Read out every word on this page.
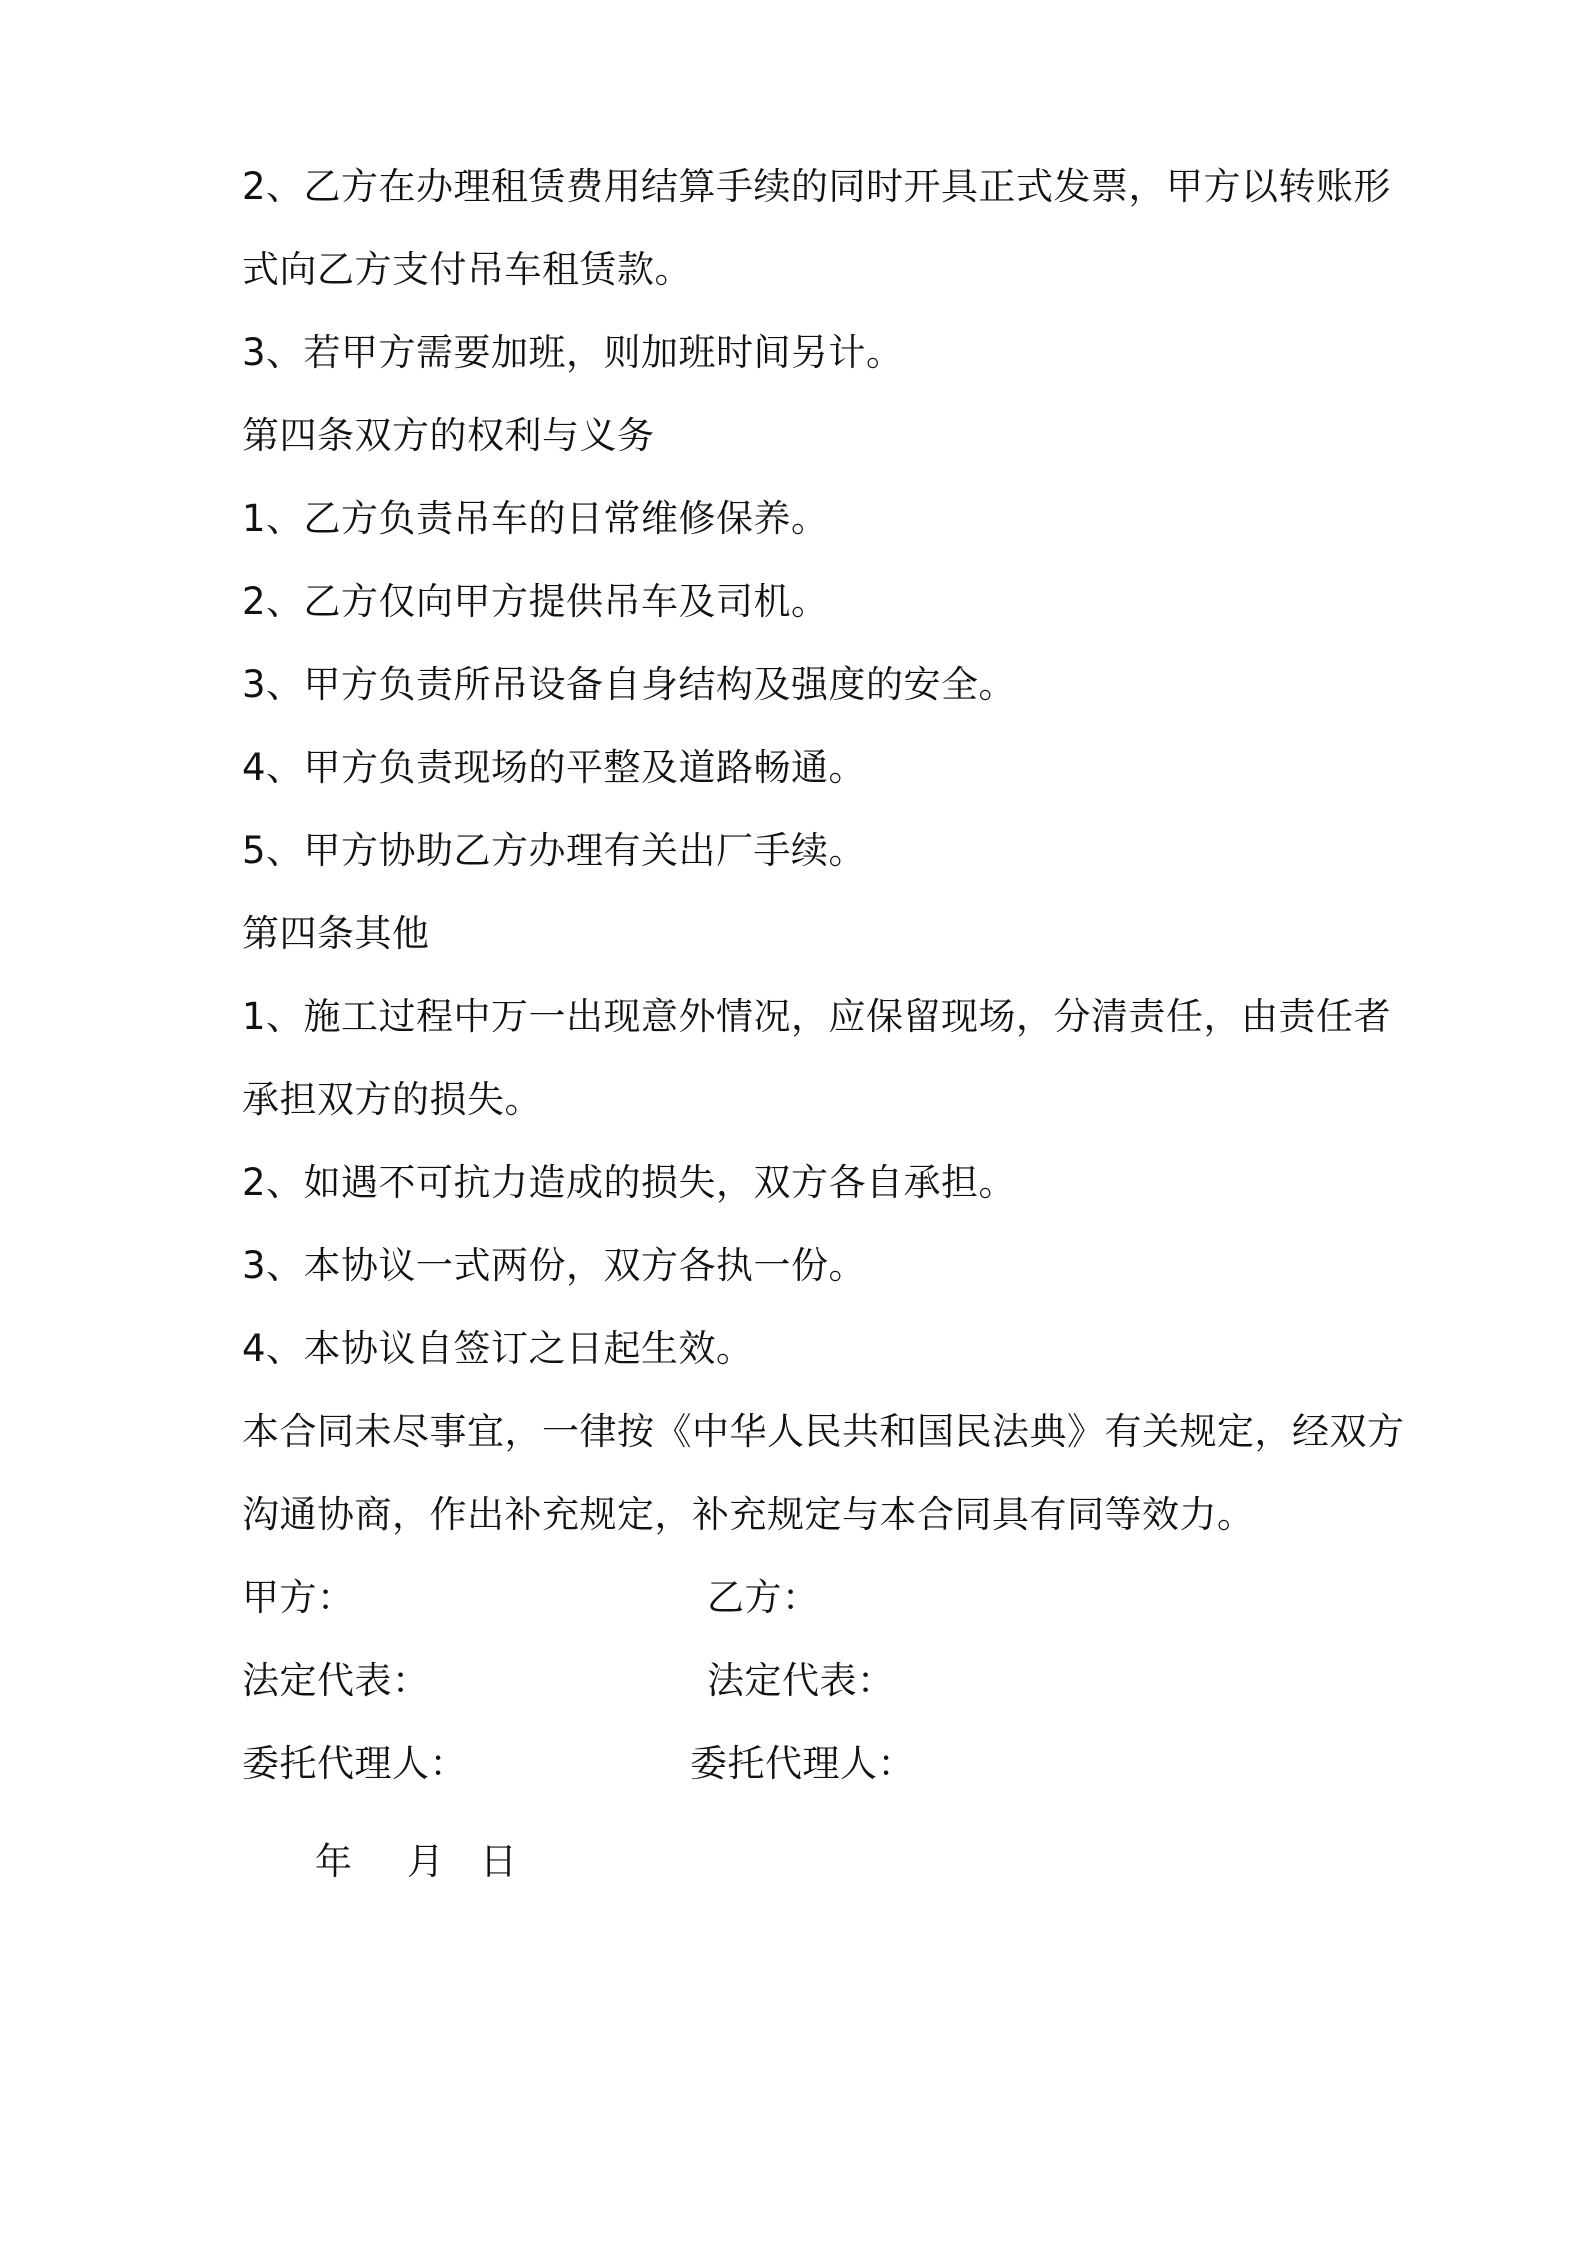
2、乙方在办理租赁费用结算手续的同时开具正式发票，甲方以转账形
式向乙方支付吊车租赁款。
3、若甲方需要加班，则加班时间另计。
第四条双方的权利与义务
1、乙方负责吊车的日常维修保养。
2、乙方仅向甲方提供吊车及司机。
3、甲方负责所吊设备自身结构及强度的安全。
4、甲方负责现场的平整及道路畅通。
5、甲方协助乙方办理有关出厂手续。
第四条其他
1、施工过程中万一出现意外情况，应保留现场，分清责任，由责任者
承担双方的损失。
2、如遇不可抗力造成的损失，双方各自承担。
3、本协议一式两份，双方各执一份。
4、本协议自签订之日起生效。
本合同未尽事宜，一律按《中华人民共和国民法典》有关规定，经双方
沟通协商，作出补充规定，补充规定与本合同具有同等效力。
甲方：	乙方：
法定代表：	法定代表：
委托代理人：	委托代理人：
年 月 日
